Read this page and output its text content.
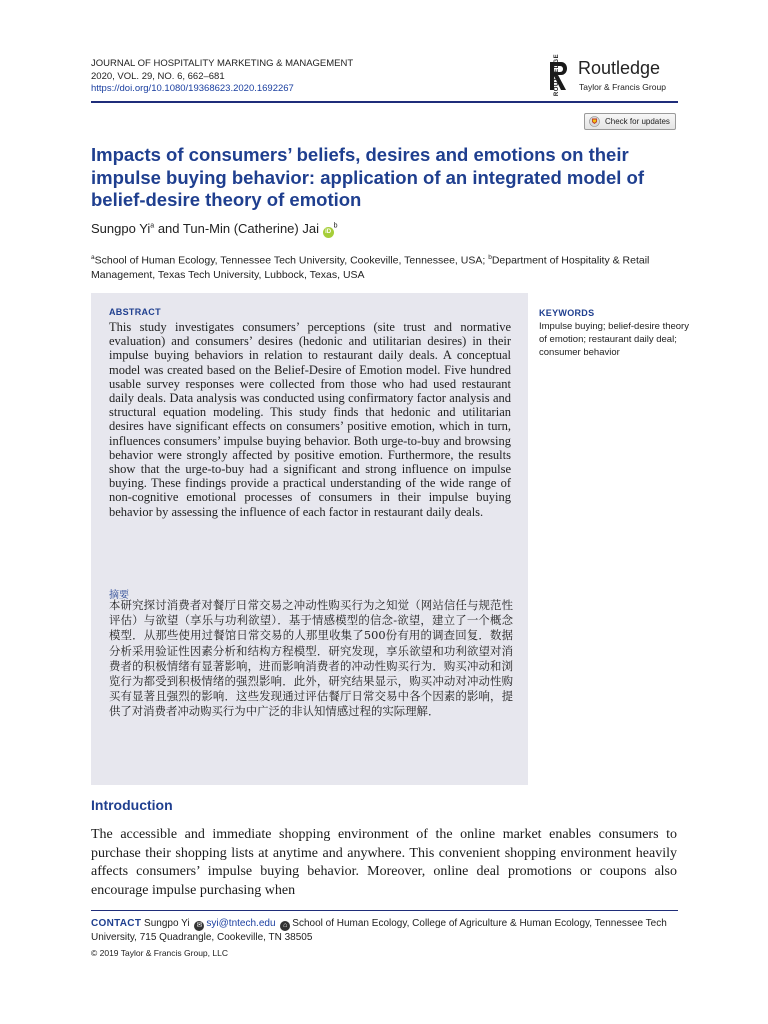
JOURNAL OF HOSPITALITY MARKETING & MANAGEMENT
2020, VOL. 29, NO. 6, 662–681
https://doi.org/10.1080/19368623.2020.1692267	ROUTLEDGE Routledge
Taylor & Francis Group
Check for updates
Impacts of consumers’ beliefs, desires and emotions on their impulse buying behavior: application of an integrated model of belief-desire theory of emotion
Sungpo Yi$^a$ and Tun-Min (Catherine) Jai $iD^b$
$^a$School of Human Ecology, Tennessee Tech University, Cookeville, Tennessee, USA; $^b$Department of Hospitality & Retail Management, Texas Tech University, Lubbock, Texas, USA
ABSTRACT
This study investigates consumers’ perceptions (site trust and normative evaluation) and consumers’ desires (hedonic and utilitarian desires) in their impulse buying behaviors in relation to restaurant daily deals. A conceptual model was created based on the Belief-Desire of Emotion model. Five hundred usable survey responses were collected from those who had used restaurant daily deals. Data analysis was conducted using confirmatory factor analysis and structural equation modeling. This study finds that hedonic and utilitarian desires have significant effects on consumers’ positive emotion, which in turn, influences consumers’ impulse buying behavior. Both urge-to-buy and browsing behavior were strongly affected by positive emotion. Furthermore, the results show that the urge-to-buy had a significant and strong influence on impulse buying. These findings provide a practical understanding of the wide range of non-cognitive emotional processes of consumers in their impulse buying behavior by assessing the influence of each factor in restaurant daily deals.
摘要
本研究探讨消费者对餐厅日常交易之冲动性购买行为之知觉（网站信任与规范性评估）与欲望（享乐与功利欲望）．基于情感模型的信念-欲望，建立了一个概念模型．从那些使用过餐馆日常交易的人那里收集了500份有用的调查回复．数据分析采用验证性因素分析和结构方程模型．研究发现，享乐欲望和功利欲望对消费者的积极情绪有显著影响，进而影响消费者的冲动性购买行为．购买冲动和浏览行为都受到积极情绪的强烈影响．此外，研究结果显示，购买冲动对冲动性购买有显著且强烈的影响．这些发现通过评估餐厅日常交易中各个因素的影响，提供了对消费者冲动购买行为中广泛的非认知情感过程的实际理解．
KEYWORDS
Impulse buying; belief-desire theory of emotion; restaurant daily deal; consumer behavior
Introduction
The accessible and immediate shopping environment of the online market enables consumers to purchase their shopping lists at anytime and anywhere. This convenient shopping environment heavily affects consumers’ impulse buying behavior. Moreover, online deal promotions or coupons also encourage impulse purchasing when
CONTACT Sungpo Yi ✉ syi@tntech.edu ⌂ School of Human Ecology, College of Agriculture & Human Ecology, Tennessee Tech University, 715 Quadrangle, Cookeville, TN 38505
© 2019 Taylor & Francis Group, LLC
